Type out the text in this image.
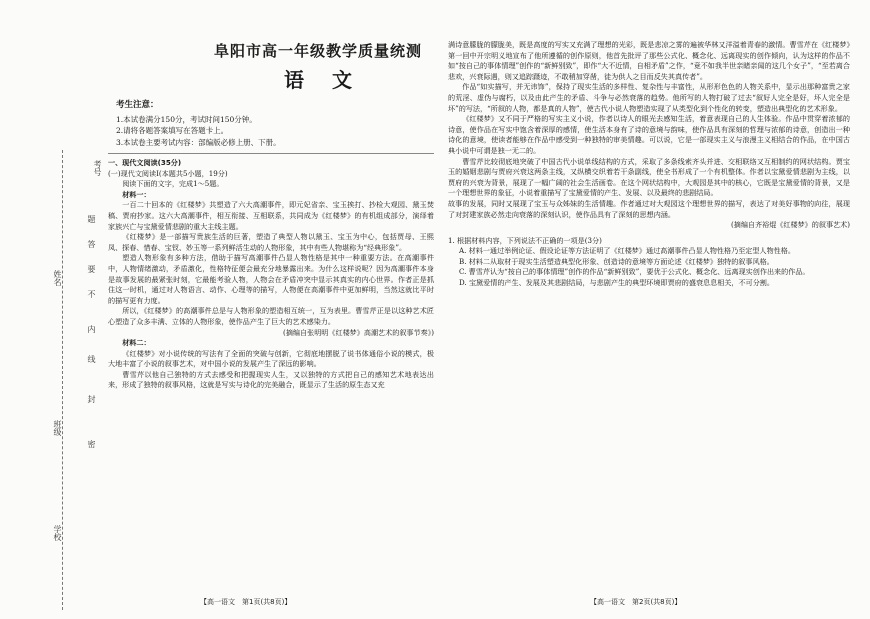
考号
姓名
班级
学校
题
答
要
不
内
线
封
密
阜阳市高一年级教学质量统测
语文
考生注意：
1.本试卷满分150分，考试时间150分钟。
2.请将各题答案填写在答题卡上。
3.本试卷主要考试内容：部编版必修上册、下册。

一、现代文阅读(35分)

(一)现代文阅读Ⅰ(本题共5小题，19分)

阅读下面的文字，完成1～5题。

材料一：

一百二十回本的《红楼梦》共塑造了六大高潮事件，即元妃省亲、宝玉挨打、抄检大观园、黛玉焚稿、贾府抄家。这六大高潮事件，相互衔接、互相联系，共同成为《红楼梦》的有机组成部分，演绎着家族兴亡与宝黛爱情悲剧的重大主线主题。

《红楼梦》是一部描写贵族生活的巨著，塑造了典型人物以黛玉、宝玉为中心，包括贾母、王熙凤、探春、惜春、宝钗、妙玉等一系列鲜活生动的人物形象，其中有些人物堪称为“经典形象”。

塑造人物形象有多种方法，借助于描写高潮事件凸显人物性格是其中一种重要方法。在高潮事件中，人物情绪激动，矛盾激化，性格特征便会最充分地暴露出来。为什么这样说呢？因为高潮事件本身是故事发展的最紧张时刻，它最能考验人物，人物会在矛盾冲突中显示其真实的内心世界。作者正是抓住这一时机，通过对人物语言、动作、心理等的描写，人物便在高潮事件中更加鲜明，当然这就比平时的描写更有力度。

所以，《红楼梦》的高潮事件总是与人物形象的塑造相互统一，互为表里。曹雪芹正是以这种艺术匠心塑造了众多丰满、立体的人物形象，使作品产生了巨大的艺术感染力。

(摘编自张明明《红楼梦》高潮艺术的叙事节奏》)

材料二：

《红楼梦》对小说传统的写法有了全面的突破与创新，它彻底地摆脱了说书体通俗小说的模式，极大地丰富了小说的叙事艺术，对中国小说的发展产生了深远的影响。

曹雪芹以他自己独特的方式去感受和把握现实人生，又以独特的方式把自己的感知艺术地表达出来，形成了独特的叙事风格，这就是写实与诗化的完美融合，既显示了生活的原生态又充

【高一语文　第1页(共8页)】

满诗意朦胧的朦胧美，既是高度的写实又充满了理想的光彩，既是悲凉之雾的遍被华林又洋溢着青春的激情。曹雪芹在《红楼梦》第一回中开宗明义地宣布了他所遵循的创作原则，他首先批评了那些公式化、概念化、远离现实的创作倾向，认为这样的作品不如“按自己的事体情理”创作的“新鲜别致”，即作“大不近情，自相矛盾”之作，“竟不如我半世亲睹亲闻的这几个女子”，“至若离合悲欢，兴衰际遇，则又追踪蹑迹，不敢稍加穿凿，徒为供人之目而反失其真传者”。

作品“如实描写，并无讳饰”，保持了现实生活的多样性、复杂性与丰富性，从形形色色的人物关系中，显示出那种富贵之家的荒淫、虚伪与腐朽，以及由此产生的矛盾、斗争与必然衰落的趋势。他所写的人物打破了过去“叙好人完全是好，坏人完全是坏”的写法，“所叙的人物，都是真的人物”，使古代小说人物塑造实现了从类型化到个性化的转变，塑造出典型化的艺术形象。

《红楼梦》又不同于严格的写实主义小说，作者以诗人的眼光去感知生活，着意表现自己的人生体验。作品中贯穿着浓郁的诗意，使作品在写实中饱含着深厚的感情，使生活本身有了诗的意境与韵味，使作品具有深刻的哲理与浓郁的诗意，创造出一种诗化的意境，使读者能够在作品中感受到一种独特的审美情趣。可以说，它是一部现实主义与浪漫主义相结合的作品，在中国古典小说中可谓是独一无二的。

曹雪芹比较彻底地突破了中国古代小说单线结构的方式，采取了多条线索齐头并进、交相联络又互相制约的网状结构。贾宝玉的婚姻悲剧与贾府兴衰这两条主线，又纵横交织着若干条副线，使全书形成了一个有机整体。作者以宝黛爱情悲剧为主线，以贾府的兴衰为背景，展现了一幅广阔的社会生活画卷。在这个网状结构中，大观园是其中的核心，它既是宝黛爱情的背景，又是一个理想世界的象征，小说着重描写了宝黛爱情的产生、发展、以及最终的悲剧结局。

故事的发展，同时又展现了宝玉与众姊妹的生活情趣。作者通过对大观园这个理想世界的描写，表达了对美好事物的向往，展现了对封建家族必然走向衰落的深刻认识，使作品具有了深刻的思想内涵。

(摘编自齐裕焜《红楼梦》的叙事艺术)

1. 根据材料内容，下列说法不正确的一项是(3分)

A. 材料一通过举例论证、假设论证等方法证明了《红楼梦》通过高潮事件凸显人物性格乃至定型人物性格。

B. 材料二从取材于现实生活塑造典型化形象、创造诗的意境等方面论述《红楼梦》独特的叙事风格。

C. 曹雪芹认为“按自己的事体情理”创作的作品“新鲜别致”，要优于公式化、概念化、远离现实创作出来的作品。

D. 宝黛爱情的产生、发展及其悲剧结局，与悲剧产生的典型环境即贾府的盛衰息息相关，不可分割。

【高一语文　第2页(共8页)】
